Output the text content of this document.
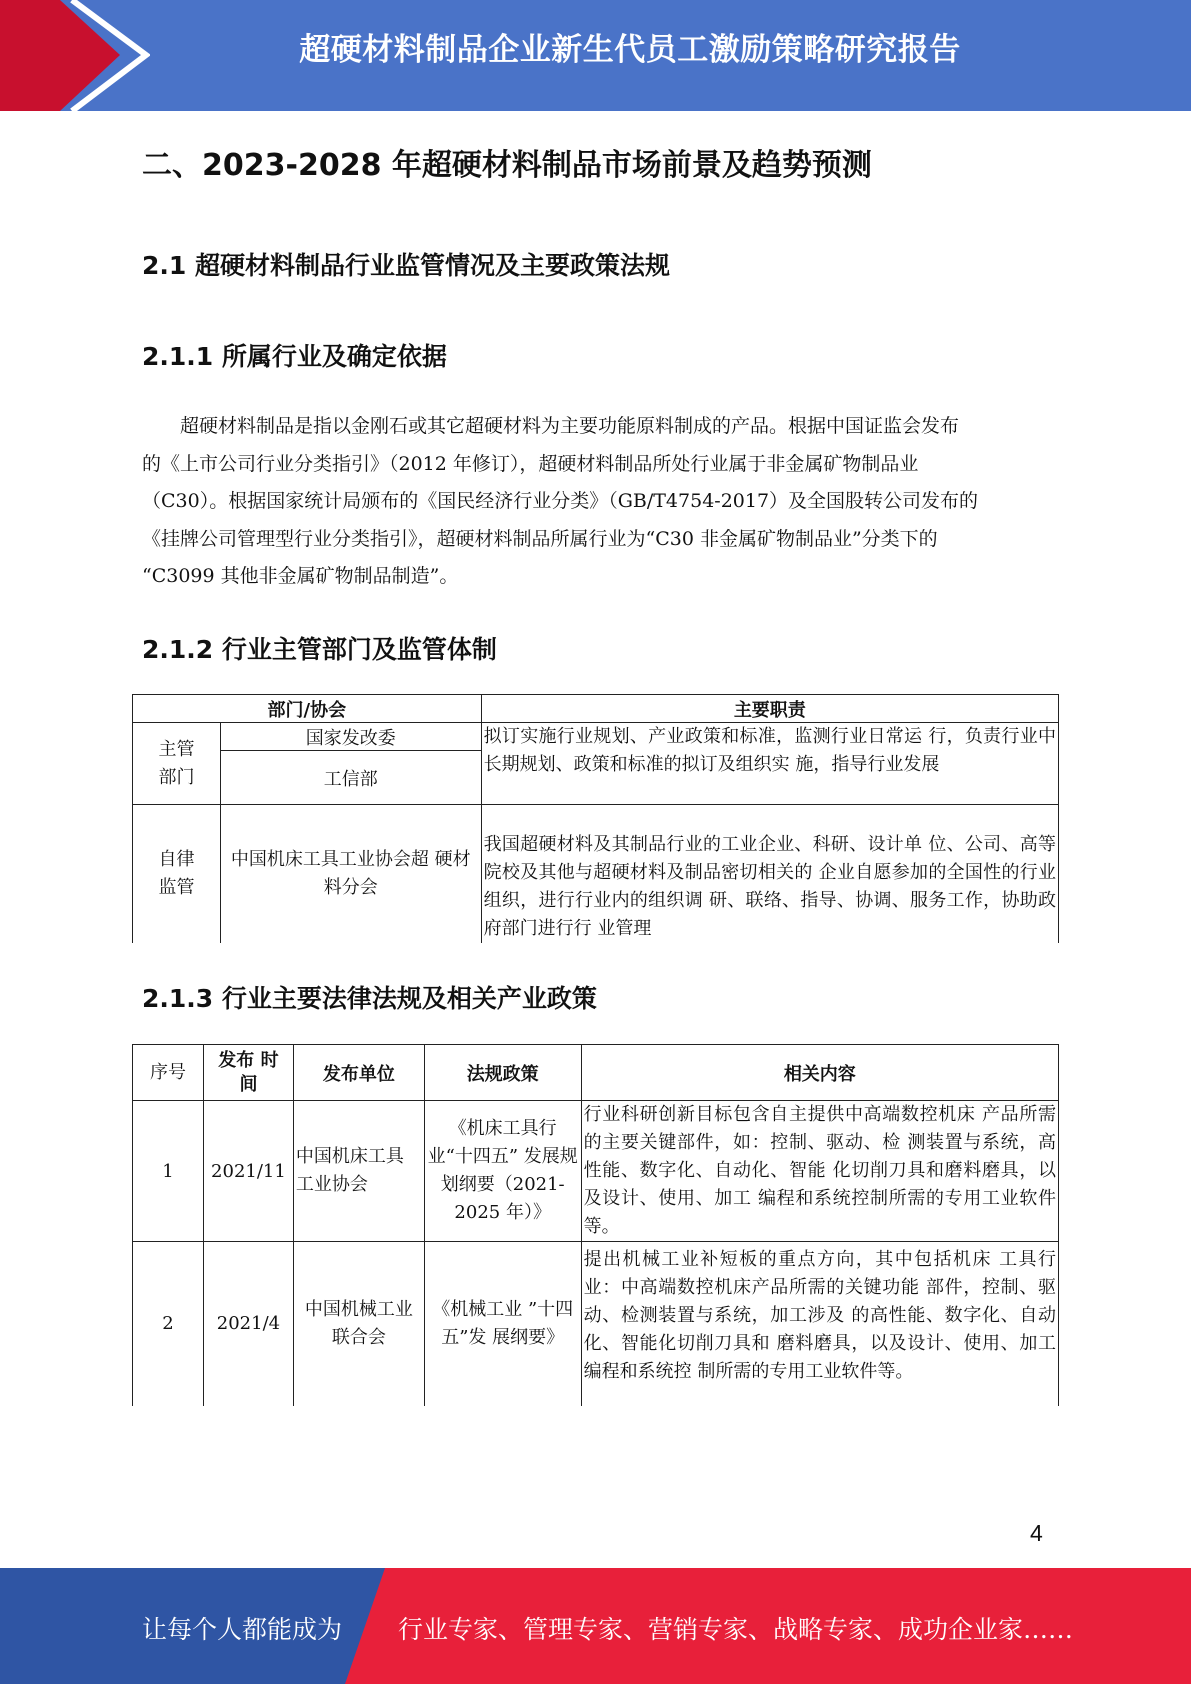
超硬材料制品企业新生代员工激励策略研究报告
二、2023-2028 年超硬材料制品市场前景及趋势预测
2.1 超硬材料制品行业监管情况及主要政策法规
2.1.1 所属行业及确定依据
　　超硬材料制品是指以金刚石或其它超硬材料为主要功能原料制成的产品。根据中国证监会发布
的《上市公司行业分类指引》（2012 年修订），超硬材料制品所处行业属于非金属矿物制品业
（C30）。根据国家统计局颁布的《国民经济行业分类》（GB/T4754-2017）及全国股转公司发布的
《挂牌公司管理型行业分类指引》，超硬材料制品所属行业为“C30 非金属矿物制品业”分类下的
“C3099 其他非金属矿物制品制造”。
2.1.2 行业主管部门及监管体制
部门/协会		主要职责
主管
部门	国家发改委	拟订实施行业规划、产业政策和标准，监测行业日常运 行，负责行业中长期规划、政策和标准的拟订及组织实 施，指导行业发展
	工信部	
自律
监管	中国机床工具工业协会超 硬材料分会	我国超硬材料及其制品行业的工业企业、科研、设计单 位、公司、高等院校及其他与超硬材料及制品密切相关的 企业自愿参加的全国性的行业组织，进行行业内的组织调 研、联络、指导、协调、服务工作，协助政府部门进行行 业管理
2.1.3 行业主要法律法规及相关产业政策
序号	发布 时间	发布单位	法规政策	相关内容
1	2021/11	中国机床工具工业协会	《机床工具行 业“十四五” 发展规划纲要（2021-2025 年）》	行业科研创新目标包含自主提供中高端数控机床 产品所需的主要关键部件，如：控制、驱动、检 测装置与系统，高性能、数字化、自动化、智能 化切削刀具和磨料磨具，以及设计、使用、加工 编程和系统控制所需的专用工业软件等。
2	2021/4	中国机械工业联合会	《机械工业 ”十四五”发 展纲要》	提出机械工业补短板的重点方向，其中包括机床 工具行业：中高端数控机床产品所需的关键功能 部件，控制、驱动、检测装置与系统，加工涉及 的高性能、数字化、自动化、智能化切削刀具和 磨料磨具，以及设计、使用、加工编程和系统控 制所需的专用工业软件等。
4
让每个人都能成为 行业专家、管理专家、营销专家、战略专家、成功企业家……
